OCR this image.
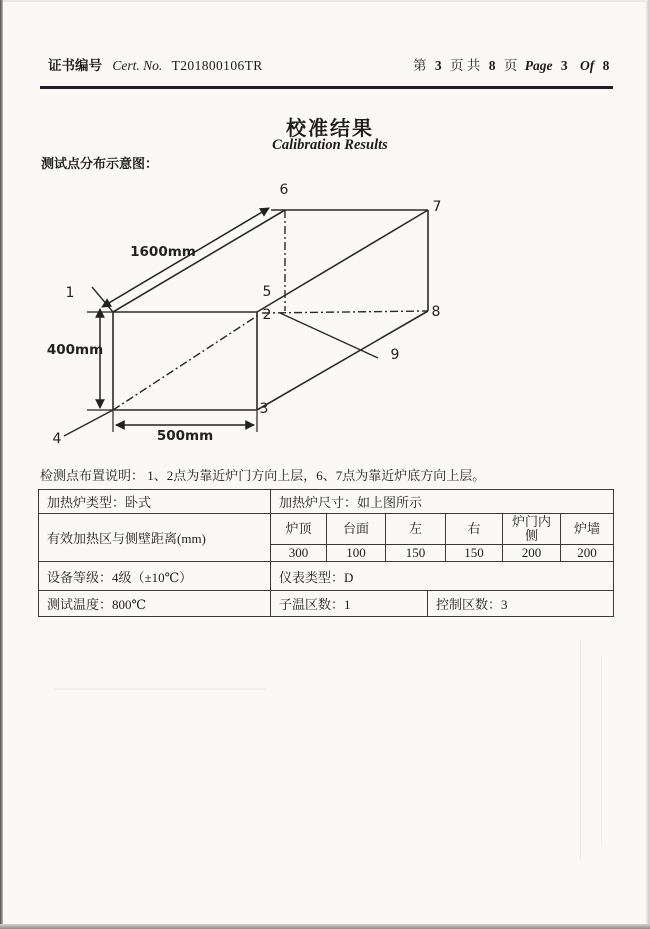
证书编号 Cert. No. T201800106TR	第 3 页 共 8 页 Page 3 Of 8
校准结果
Calibration Results
测试点分布示意图：
1600mm
400mm
500mm
1
2
3
4
5
6
7
8
9
检测点布置说明： 1、2点为靠近炉门方向上层，6、7点为靠近炉底方向上层。
加热炉类型：卧式	加热炉尺寸：如上图所示
有效加热区与侧壁距离(mm)
炉顶	台面	左	右	炉门内侧	炉墙
300	100	150	150	200	200
设备等级：4级（±10℃）	仪表类型：D
测试温度：800℃	子温区数：1	控制区数：3
